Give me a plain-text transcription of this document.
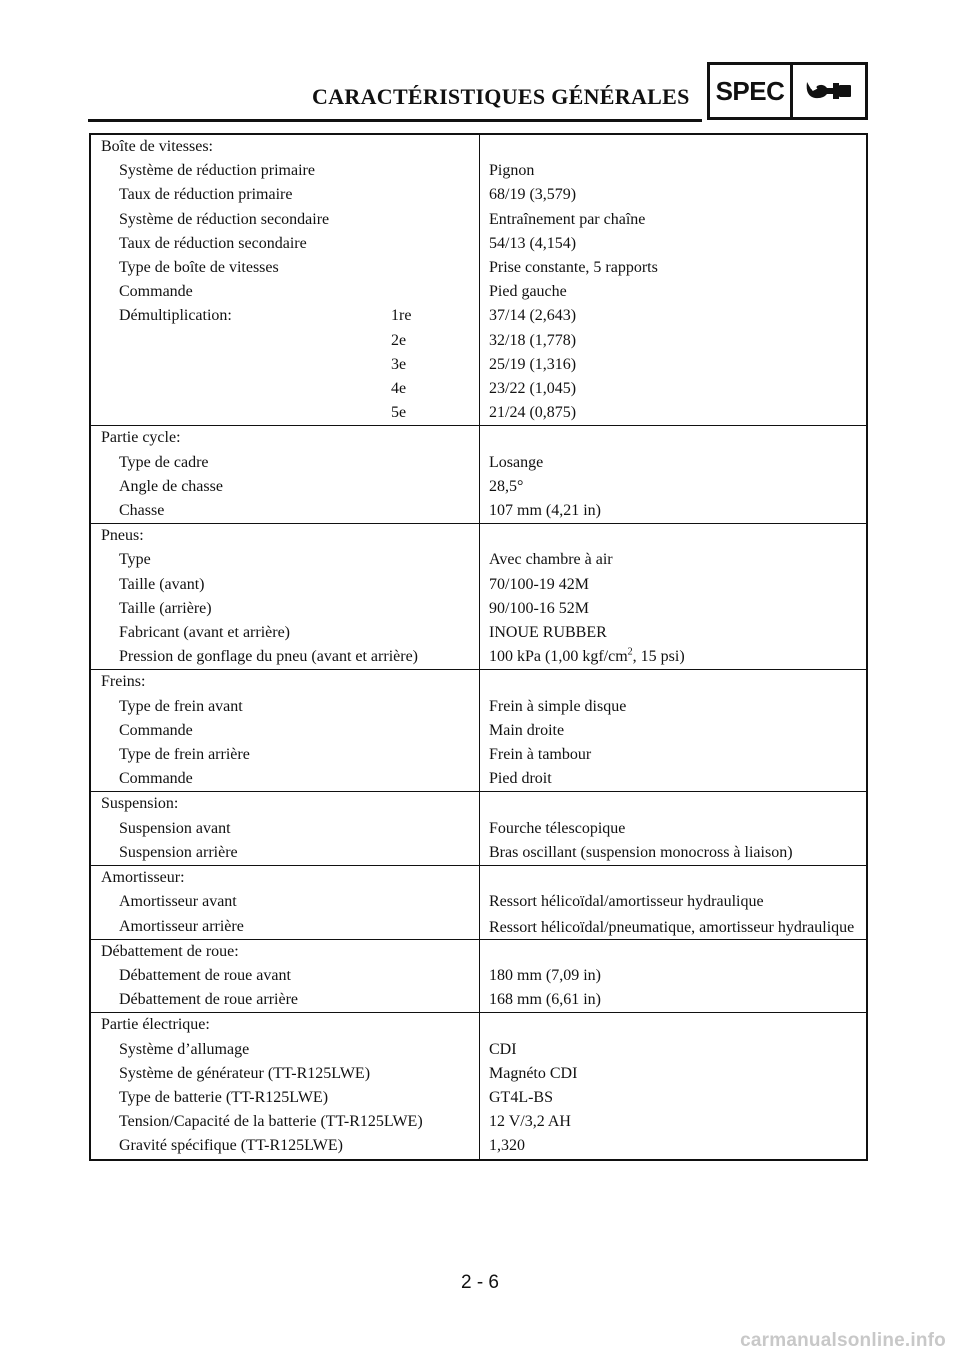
CARACTÉRISTIQUES GÉNÉRALES SPEC
Boîte de vitesses:
Système de réduction primaire	Pignon
Taux de réduction primaire	68/19 (3,579)
Système de réduction secondaire	Entraînement par chaîne
Taux de réduction secondaire	54/13 (4,154)
Type de boîte de vitesses	Prise constante, 5 rapports
Commande	Pied gauche
Démultiplication:	1re	37/14 (2,643)
2e	32/18 (1,778)
3e	25/19 (1,316)
4e	23/22 (1,045)
5e	21/24 (0,875)
Partie cycle:
Type de cadre	Losange
Angle de chasse	28,5°
Chasse	107 mm (4,21 in)
Pneus:
Type	Avec chambre à air
Taille (avant)	70/100-19 42M
Taille (arrière)	90/100-16 52M
Fabricant (avant et arrière)	INOUE RUBBER
Pression de gonflage du pneu (avant et arrière)	100 kPa (1,00 kgf/$cm^2$, 15 psi)
Freins:
Type de frein avant	Frein à simple disque
Commande	Main droite
Type de frein arrière	Frein à tambour
Commande	Pied droit
Suspension:
Suspension avant	Fourche télescopique
Suspension arrière	Bras oscillant (suspension monocross à liaison)
Amortisseur:
Amortisseur avant	Ressort hélicoïdal/amortisseur hydraulique
Amortisseur arrière	Ressort hélicoïdal/pneumatique, amortisseur hydraulique
Débattement de roue:
Débattement de roue avant	180 mm (7,09 in)
Débattement de roue arrière	168 mm (6,61 in)
Partie électrique:
Système d’allumage	CDI
Système de générateur (TT-R125LWE)	Magnéto CDI
Type de batterie (TT-R125LWE)	GT4L-BS
Tension/Capacité de la batterie (TT-R125LWE)	12 V/3,2 AH
Gravité spécifique (TT-R125LWE)	1,320
2 - 6
carmanualsonline.info
